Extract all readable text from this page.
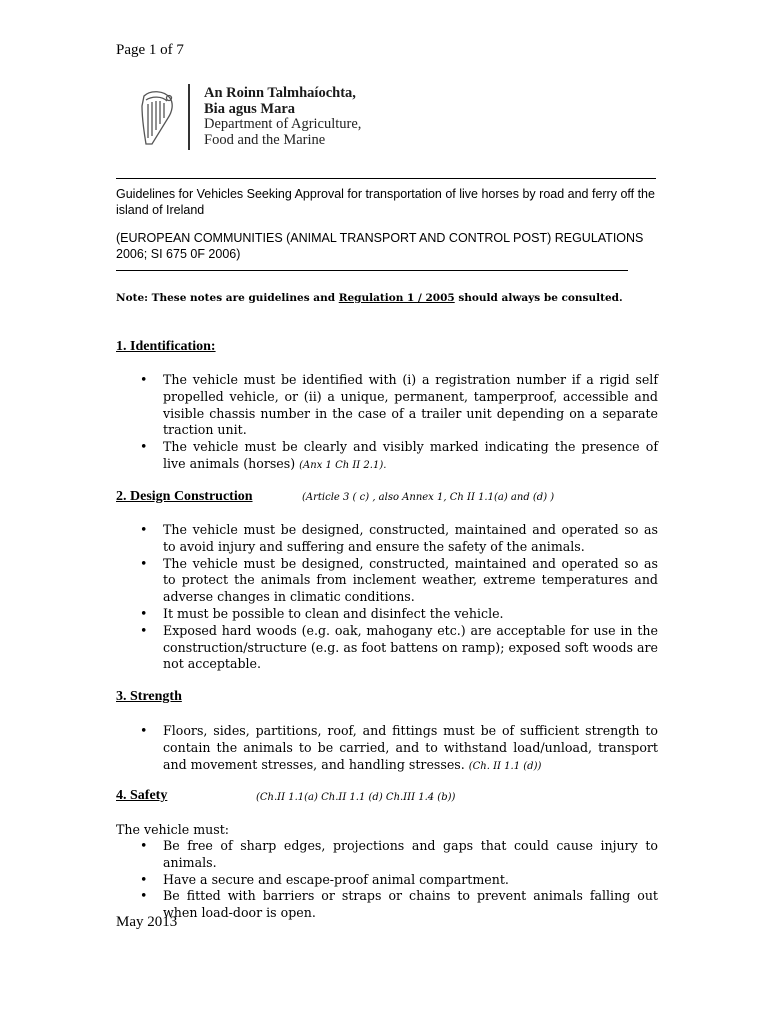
Page 1 of 7
An Roinn Talmhaíochta,
Bia agus Mara
Department of Agriculture,
Food and the Marine
Guidelines for Vehicles Seeking Approval for transportation of live horses by road and ferry off the island of Ireland
(EUROPEAN COMMUNITIES (ANIMAL TRANSPORT AND CONTROL POST) REGULATIONS 2006; SI 675 0F 2006)
Note: These notes are guidelines and Regulation 1 / 2005 should always be consulted.
1. Identification:
• The vehicle must be identified with (i) a registration number if a rigid self propelled vehicle, or (ii) a unique, permanent, tamperproof, accessible and visible chassis number in the case of a trailer unit depending on a separate traction unit.
• The vehicle must be clearly and visibly marked indicating the presence of live animals (horses) (Anx 1 Ch II 2.1).
2. Design Construction	(Article 3 ( c) , also Annex 1, Ch II 1.1(a) and (d) )
• The vehicle must be designed, constructed, maintained and operated so as to avoid injury and suffering and ensure the safety of the animals.
• The vehicle must be designed, constructed, maintained and operated so as to protect the animals from inclement weather, extreme temperatures and adverse changes in climatic conditions.
• It must be possible to clean and disinfect the vehicle.
• Exposed hard woods (e.g. oak, mahogany etc.) are acceptable for use in the construction/structure (e.g. as foot battens on ramp); exposed soft woods are not acceptable.
3. Strength
• Floors, sides, partitions, roof, and fittings must be of sufficient strength to contain the animals to be carried, and to withstand load/unload, transport and movement stresses, and handling stresses. (Ch. II 1.1 (d))
4. Safety	(Ch.II 1.1(a) Ch.II 1.1 (d) Ch.III 1.4 (b))
The vehicle must:
• Be free of sharp edges, projections and gaps that could cause injury to animals.
• Have a secure and escape-proof animal compartment.
• Be fitted with barriers or straps or chains to prevent animals falling out when load-door is open.
May 2013
